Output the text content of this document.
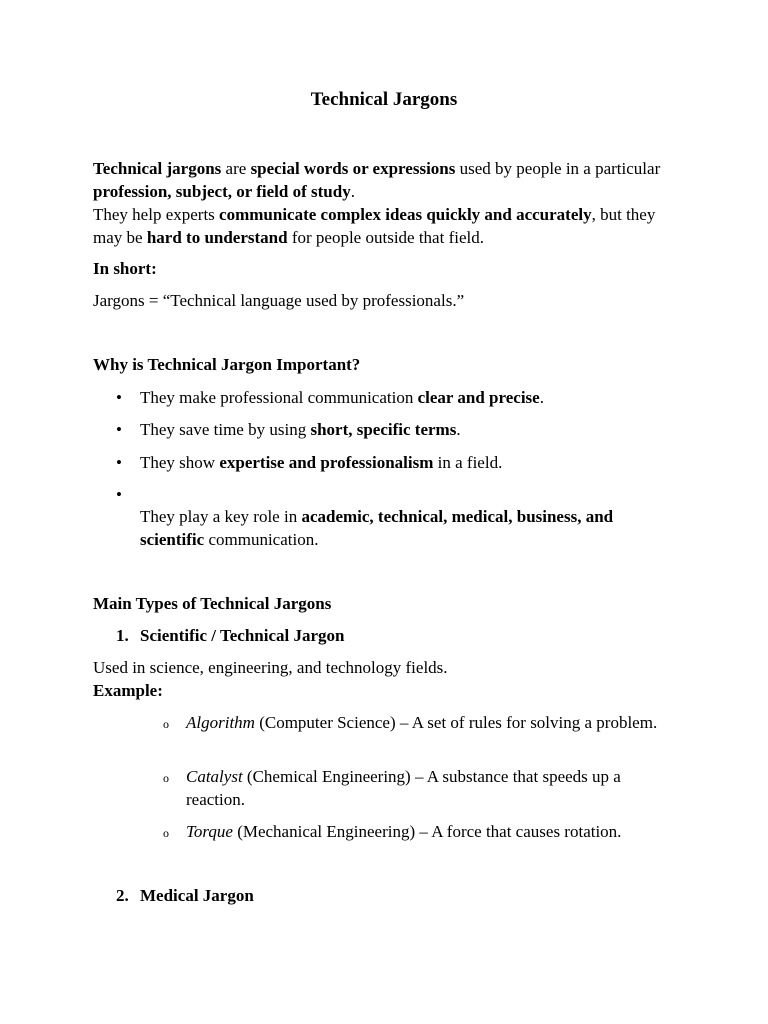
Technical Jargons

Technical jargons are special words or expressions used by people in a particular profession, subject, or field of study.
They help experts communicate complex ideas quickly and accurately, but they may be hard to understand for people outside that field.

In short:
Jargons = “Technical language used by professionals.”
Why is Technical Jargon Important?
• They make professional communication clear and precise.
• They save time by using short, specific terms.
• They show expertise and professionalism in a field.
•
They play a key role in academic, technical, medical, business, and scientific communication.
Main Types of Technical Jargons
1. Scientific / Technical Jargon
Used in science, engineering, and technology fields.
Example:
o Algorithm (Computer Science) – A set of rules for solving a problem.
o Catalyst (Chemical Engineering) – A substance that speeds up a reaction.
o Torque (Mechanical Engineering) – A force that causes rotation.
2. Medical Jargon
